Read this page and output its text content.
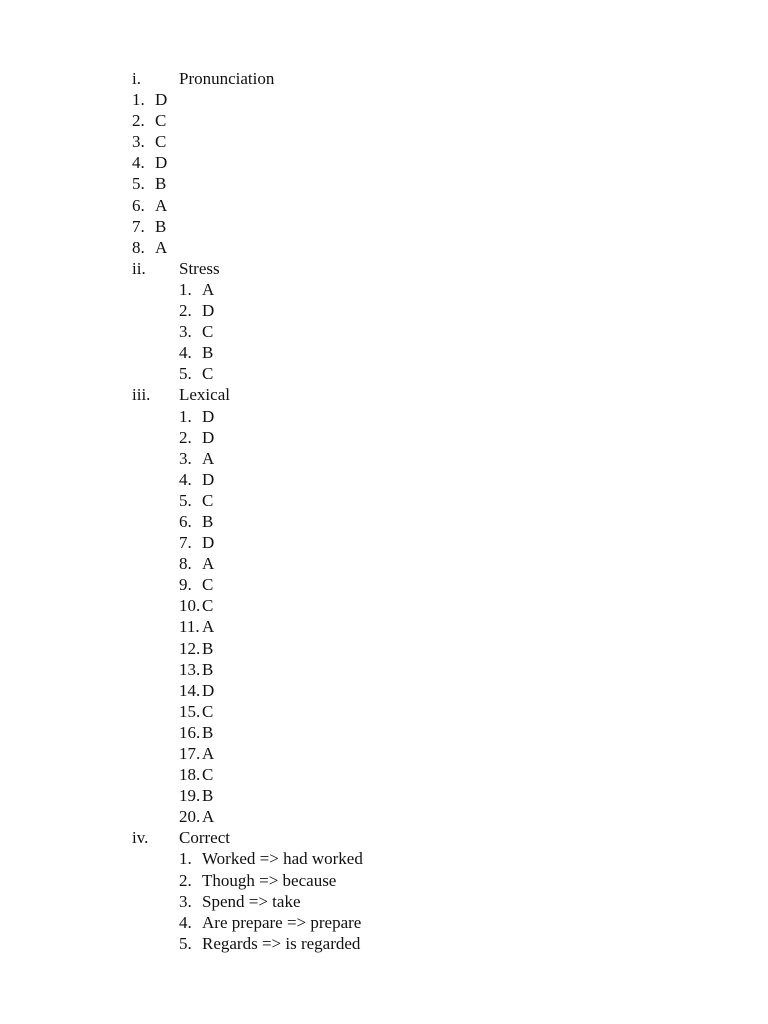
i. Pronunciation
1. D
2. C
3. C
4. D
5. B
6. A
7. B
8. A
ii. Stress
1. A
2. D
3. C
4. B
5. C
iii. Lexical
1. D
2. D
3. A
4. D
5. C
6. B
7. D
8. A
9. C
10. C
11. A
12. B
13. B
14. D
15. C
16. B
17. A
18. C
19. B
20. A
iv. Correct
1. Worked => had worked
2. Though => because
3. Spend => take
4. Are prepare => prepare
5. Regards => is regarded
